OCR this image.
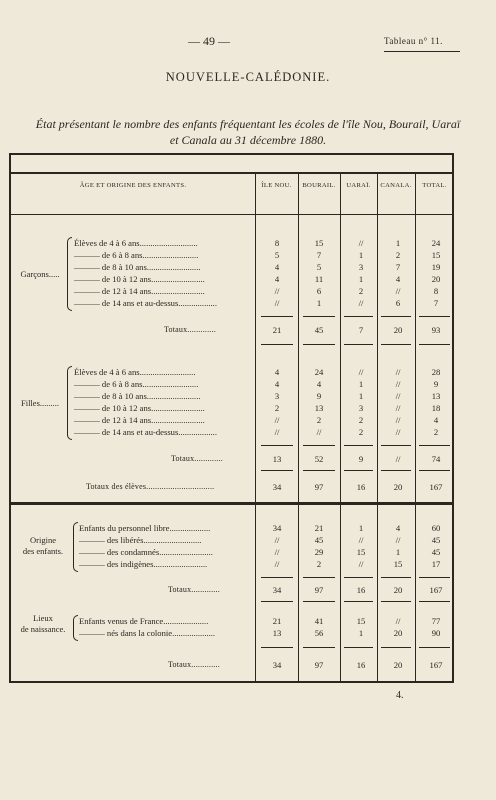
— 49 —	Tableau n° 11.
NOUVELLE-CALÉDONIE.
État présentant le nombre des enfants fréquentant les écoles de l'île Nou, Bourail, Uaraï et Canala au 31 décembre 1880.
ÂGE ET ORIGINE DES ENFANTS.	ÎLE NOU.	BOURAIL.	UARAÏ.	CANALA.	TOTAL.
Garçons.....
Élèves de 4 à 6 ans...........................	8	15	//	1	24
——— de 6 à 8 ans..........................	5	7	1	2	15
——— de 8 à 10 ans.........................	4	5	3	7	19
——— de 10 à 12 ans.........................	4	11	1	4	20
——— de 12 à 14 ans.........................	//	6	2	//	8
——— de 14 ans et au-dessus..................	//	1	//	6	7
Totaux.............	21	45	7	20	93
Filles.........
Élèves de 4 à 6 ans..........................	4	24	//	//	28
——— de 6 à 8 ans..........................	4	4	1	//	9
——— de 8 à 10 ans.........................	3	9	1	//	13
——— de 10 à 12 ans.........................	2	13	3	//	18
——— de 12 à 14 ans.........................	//	2	2	//	4
——— de 14 ans et au-dessus..................	//	//	2	//	2
Totaux.............	13	52	9	//	74
Totaux des élèves...............................	34	97	16	20	167
Origine
des enfants.
Enfants du personnel libre...................	34	21	1	4	60
——— des libérés...........................	//	45	//	//	45
——— des condamnés.........................	//	29	15	1	45
——— des indigènes.........................	//	2	//	15	17
Totaux.............	34	97	16	20	167
Lieux
de naissance.
Enfants venus de France.....................	21	41	15	//	77
——— nés dans la colonie....................	13	56	1	20	90
Totaux.............	34	97	16	20	167
4.
